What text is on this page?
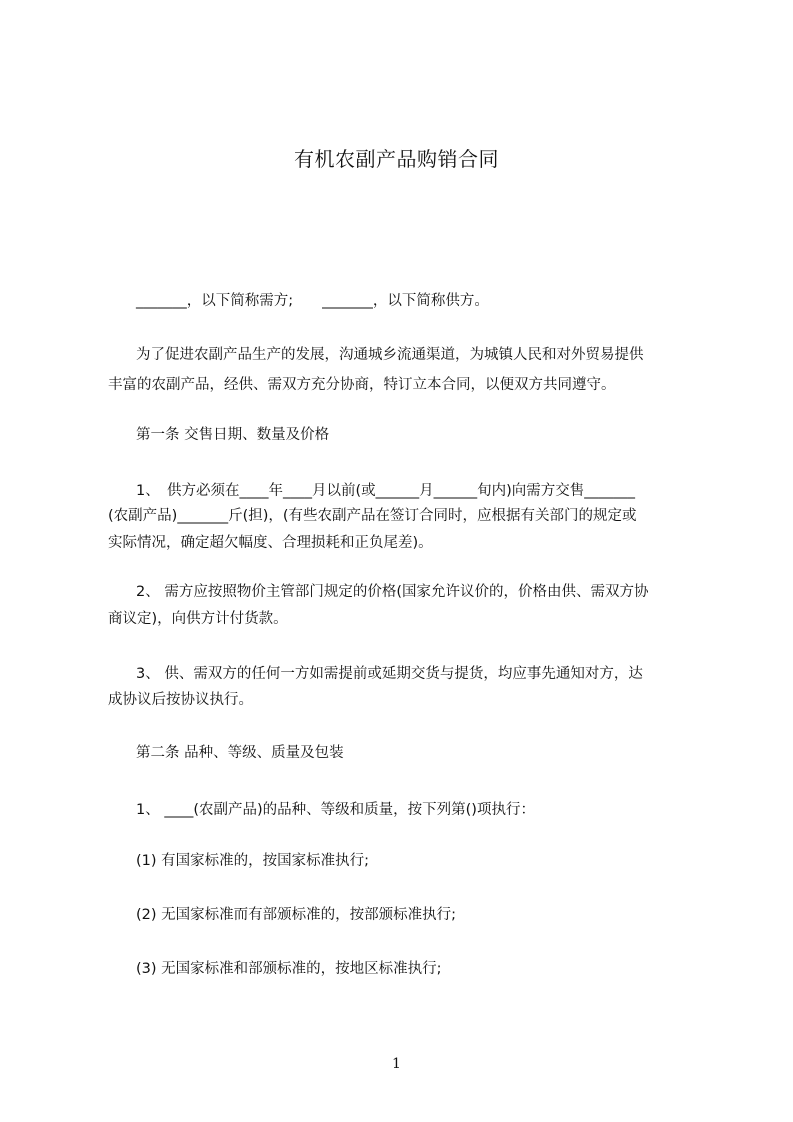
有机农副产品购销合同
_______，以下简称需方;　　_______，以下简称供方。
为了促进农副产品生产的发展，沟通城乡流通渠道，为城镇人民和对外贸易提供
丰富的农副产品，经供、需双方充分协商，特订立本合同，以便双方共同遵守。
第一条 交售日期、数量及价格
1、　供方必须在____年____月以前(或______月______旬内)向需方交售_______
(农副产品)_______斤(担)，(有些农副产品在签订合同时，应根据有关部门的规定或
实际情况，确定超欠幅度、合理损耗和正负尾差)。
2、 需方应按照物价主管部门规定的价格(国家允许议价的，价格由供、需双方协
商议定)，向供方计付货款。
3、 供、需双方的任何一方如需提前或延期交货与提货，均应事先通知对方，达
成协议后按协议执行。
第二条 品种、等级、质量及包装
1、 ____(农副产品)的品种、等级和质量，按下列第()项执行：
(1) 有国家标准的，按国家标准执行;
(2) 无国家标准而有部颁标准的，按部颁标准执行;
(3) 无国家标准和部颁标准的，按地区标准执行;
1
